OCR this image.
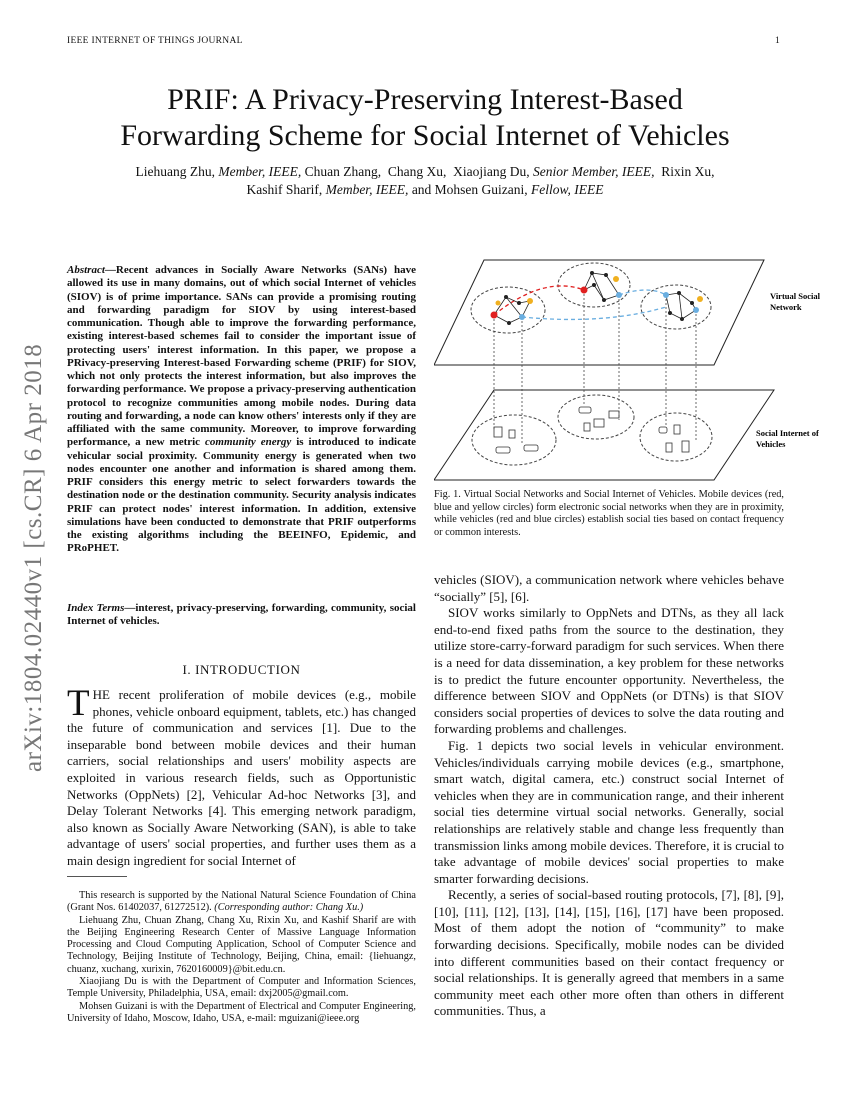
IEEE INTERNET OF THINGS JOURNAL	1
arXiv:1804.02440v1 [cs.CR] 6 Apr 2018
PRIF: A Privacy-Preserving Interest-Based
Forwarding Scheme for Social Internet of Vehicles
Liehuang Zhu, Member, IEEE, Chuan Zhang, Chang Xu, Xiaojiang Du, Senior Member, IEEE, Rixin Xu,
Kashif Sharif, Member, IEEE, and Mohsen Guizani, Fellow, IEEE
Abstract—Recent advances in Socially Aware Networks (SANs) have allowed its use in many domains, out of which social Internet of vehicles (SIOV) is of prime importance. SANs can provide a promising routing and forwarding paradigm for SIOV by using interest-based communication. Though able to improve the forwarding performance, existing interest-based schemes fail to consider the important issue of protecting users' interest information. In this paper, we propose a PRivacy-preserving Interest-based Forwarding scheme (PRIF) for SIOV, which not only protects the interest information, but also improves the forwarding performance. We propose a privacy-preserving authentication protocol to recognize communities among mobile nodes. During data routing and forwarding, a node can know others' interests only if they are affiliated with the same community. Moreover, to improve forwarding performance, a new metric community energy is introduced to indicate vehicular social proximity. Community energy is generated when two nodes encounter one another and information is shared among them. PRIF considers this energy metric to select forwarders towards the destination node or the destination community. Security analysis indicates PRIF can protect nodes' interest information. In addition, extensive simulations have been conducted to demonstrate that PRIF outperforms the existing algorithms including the BEEINFO, Epidemic, and PRoPHET.
Index Terms—interest, privacy-preserving, forwarding, community, social Internet of vehicles.
I. INTRODUCTION
THE recent proliferation of mobile devices (e.g., mobile phones, vehicle onboard equipment, tablets, etc.) has changed the future of communication and services [1]. Due to the inseparable bond between mobile devices and their human carriers, social relationships and users' mobility aspects are exploited in various research fields, such as Opportunistic Networks (OppNets) [2], Vehicular Ad-hoc Networks [3], and Delay Tolerant Networks [4]. This emerging network paradigm, also known as Socially Aware Networking (SAN), is able to take advantage of users' social properties, and further uses them as a main design ingredient for social Internet of

This research is supported by the National Natural Science Foundation of China (Grant Nos. 61402037, 61272512). (Corresponding author: Chang Xu.)

Liehuang Zhu, Chuan Zhang, Chang Xu, Rixin Xu, and Kashif Sharif are with the Beijing Engineering Research Center of Massive Language Information Processing and Cloud Computing Application, School of Computer Science and Technology, Beijing Institute of Technology, Beijing, China, email: {liehuangz, chuanz, xuchang, xurixin, 7620160009}@bit.edu.cn.

Xiaojiang Du is with the Department of Computer and Information Sciences, Temple University, Philadelphia, USA, email: dxj2005@gmail.com.

Mohsen Guizani is with the Department of Electrical and Computer Engineering, University of Idaho, Moscow, Idaho, USA, e-mail: mguizani@ieee.org

Virtual Social
Network
Social Internet of
Vehicles
Fig. 1. Virtual Social Networks and Social Internet of Vehicles. Mobile devices (red, blue and yellow circles) form electronic social networks when they are in proximity, while vehicles (red and blue circles) establish social ties based on contact frequency or common interests.

vehicles (SIOV), a communication network where vehicles behave “socially” [5], [6].

SIOV works similarly to OppNets and DTNs, as they all lack end-to-end fixed paths from the source to the destination, they utilize store-carry-forward paradigm for such services. When there is a need for data dissemination, a key problem for these networks is to predict the future encounter opportunity. Nevertheless, the difference between SIOV and OppNets (or DTNs) is that SIOV considers social properties of devices to solve the data routing and forwarding problems and challenges.

Fig. 1 depicts two social levels in vehicular environment. Vehicles/individuals carrying mobile devices (e.g., smartphone, smart watch, digital camera, etc.) construct social Internet of vehicles when they are in communication range, and their inherent social ties determine virtual social networks. Generally, social relationships are relatively stable and change less frequently than transmission links among mobile devices. Therefore, it is crucial to take advantage of mobile devices' social properties to make smarter forwarding decisions.

Recently, a series of social-based routing protocols, [7], [8], [9], [10], [11], [12], [13], [14], [15], [16], [17] have been proposed. Most of them adopt the notion of “community” to make forwarding decisions. Specifically, mobile nodes can be divided into different communities based on their contact frequency or social relationships. It is generally agreed that members in a same community meet each other more often than others in different communities. Thus, a
